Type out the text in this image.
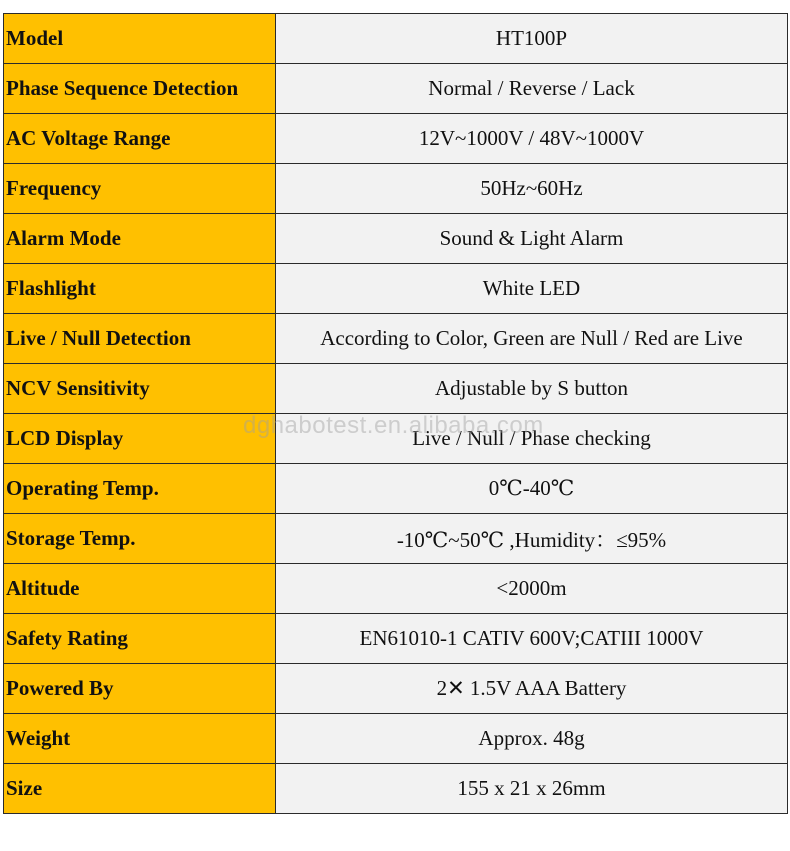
Model	HT100P
Phase Sequence Detection	Normal / Reverse / Lack
AC Voltage Range	12V~1000V / 48V~1000V
Frequency	50Hz~60Hz
Alarm Mode	Sound & Light Alarm
Flashlight	White LED
Live / Null Detection	According to Color, Green are Null / Red are Live
NCV Sensitivity	Adjustable by S button
LCD Display	Live / Null / Phase checking
Operating Temp.	0℃-40℃
Storage Temp.	-10℃~50℃ ,Humidity：≤95%
Altitude	<2000m
Safety Rating	EN61010-1 CATIV 600V;CATIII 1000V
Powered By	2✕ 1.5V AAA Battery
Weight	Approx. 48g
Size	155 x 21 x 26mm
dghabotest.en.alibaba.com
